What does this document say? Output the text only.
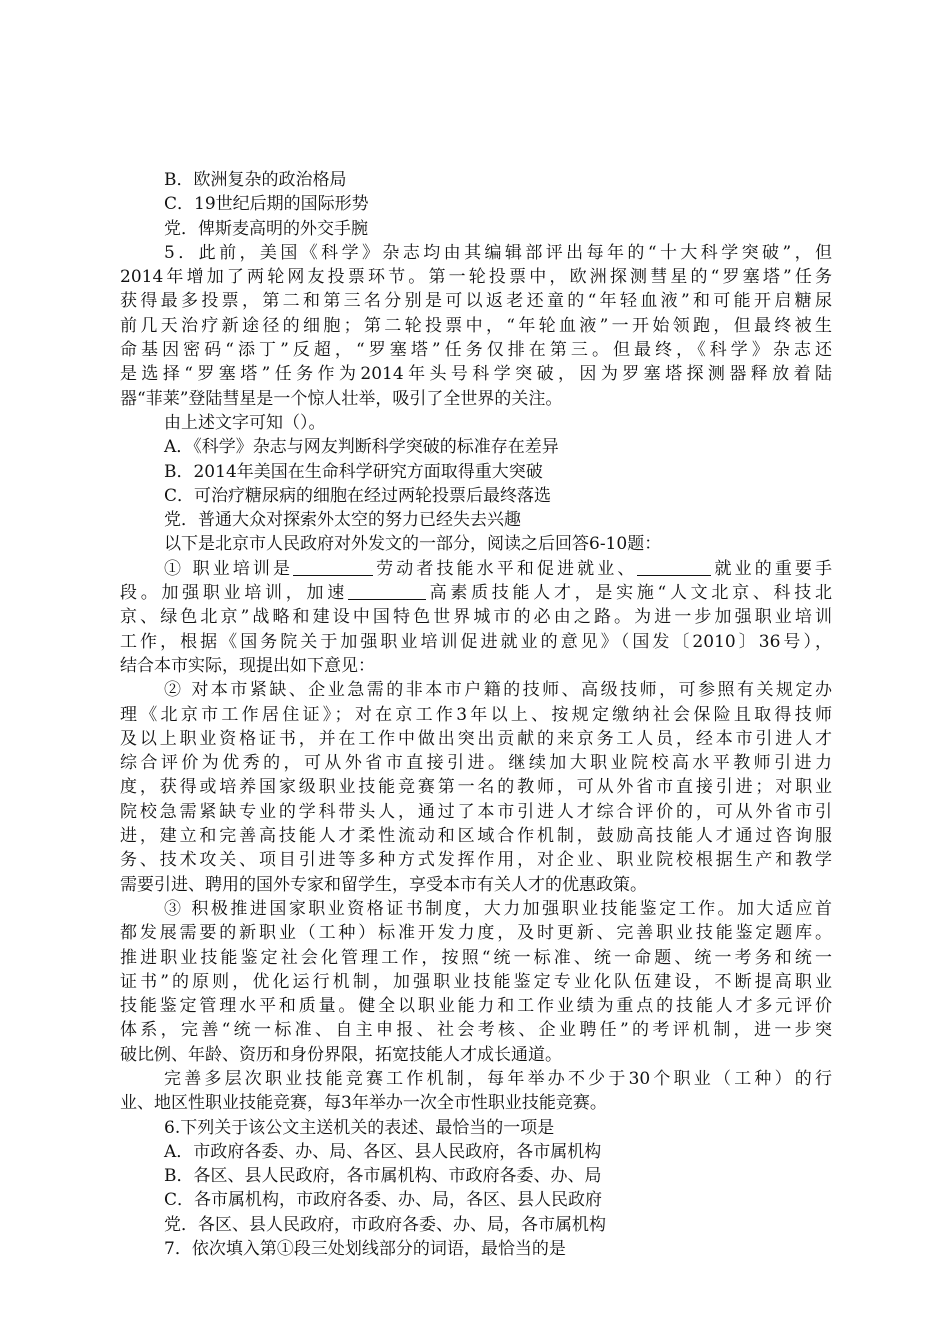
B．欧洲复杂的政治格局
C．19世纪后期的国际形势
党．俾斯麦高明的外交手腕
5．此前，美国《科学》杂志均由其编辑部评出每年的“十大科学突破”，但
2014年增加了两轮网友投票环节。第一轮投票中，欧洲探测彗星的“罗塞塔”任务
获得最多投票，第二和第三名分别是可以返老还童的“年轻血液”和可能开启糖尿
前几天治疗新途径的细胞；第二轮投票中，“年轮血液”一开始领跑，但最终被生
命基因密码“添丁”反超，“罗塞塔”任务仅排在第三。但最终，《科学》杂志还
是选择“罗塞塔”任务作为2014年头号科学突破，因为罗塞塔探测器释放着陆
器“菲莱”登陆彗星是一个惊人壮举，吸引了全世界的关注。
由上述文字可知（）。
A．《科学》杂志与网友判断科学突破的标准存在差异
B．2014年美国在生命科学研究方面取得重大突破
C．可治疗糖尿病的细胞在经过两轮投票后最终落选
党．普通大众对探索外太空的努力已经失去兴趣
以下是北京市人民政府对外发文的一部分，阅读之后回答6-10题：
① 职业培训是	劳动者技能水平和促进就业、	就业的重要手
段。加强职业培训，加速	高素质技能人才，是实施“人文北京、科技北
京、绿色北京”战略和建设中国特色世界城市的必由之路。为进一步加强职业培训
工作，根据《国务院关于加强职业培训促进就业的意见》（国发〔2010〕36号），
结合本市实际，现提出如下意见：
② 对本市紧缺、企业急需的非本市户籍的技师、高级技师，可参照有关规定办
理《北京市工作居住证》；对在京工作3年以上、按规定缴纳社会保险且取得技师
及以上职业资格证书，并在工作中做出突出贡献的来京务工人员，经本市引进人才
综合评价为优秀的，可从外省市直接引进。继续加大职业院校高水平教师引进力
度，获得或培养国家级职业技能竞赛第一名的教师，可从外省市直接引进；对职业
院校急需紧缺专业的学科带头人，通过了本市引进人才综合评价的，可从外省市引
进，建立和完善高技能人才柔性流动和区域合作机制，鼓励高技能人才通过咨询服
务、技术攻关、项目引进等多种方式发挥作用，对企业、职业院校根据生产和教学
需要引进、聘用的国外专家和留学生，享受本市有关人才的优惠政策。
③ 积极推进国家职业资格证书制度，大力加强职业技能鉴定工作。加大适应首
都发展需要的新职业（工种）标准开发力度，及时更新、完善职业技能鉴定题库。
推进职业技能鉴定社会化管理工作，按照“统一标准、统一命题、统一考务和统一
证书”的原则，优化运行机制，加强职业技能鉴定专业化队伍建设，不断提高职业
技能鉴定管理水平和质量。健全以职业能力和工作业绩为重点的技能人才多元评价
体系，完善“统一标准、自主申报、社会考核、企业聘任”的考评机制，进一步突
破比例、年龄、资历和身份界限，拓宽技能人才成长通道。
完善多层次职业技能竞赛工作机制，每年举办不少于30个职业（工种）的行
业、地区性职业技能竞赛，每3年举办一次全市性职业技能竞赛。
6.下列关于该公文主送机关的表述、最恰当的一项是
A．市政府各委、办、局、各区、县人民政府，各市属机构
B．各区、县人民政府，各市属机构、市政府各委、办、局
C．各市属机构，市政府各委、办、局，各区、县人民政府
党．各区、县人民政府，市政府各委、办、局，各市属机构
7．依次填入第①段三处划线部分的词语，最恰当的是
